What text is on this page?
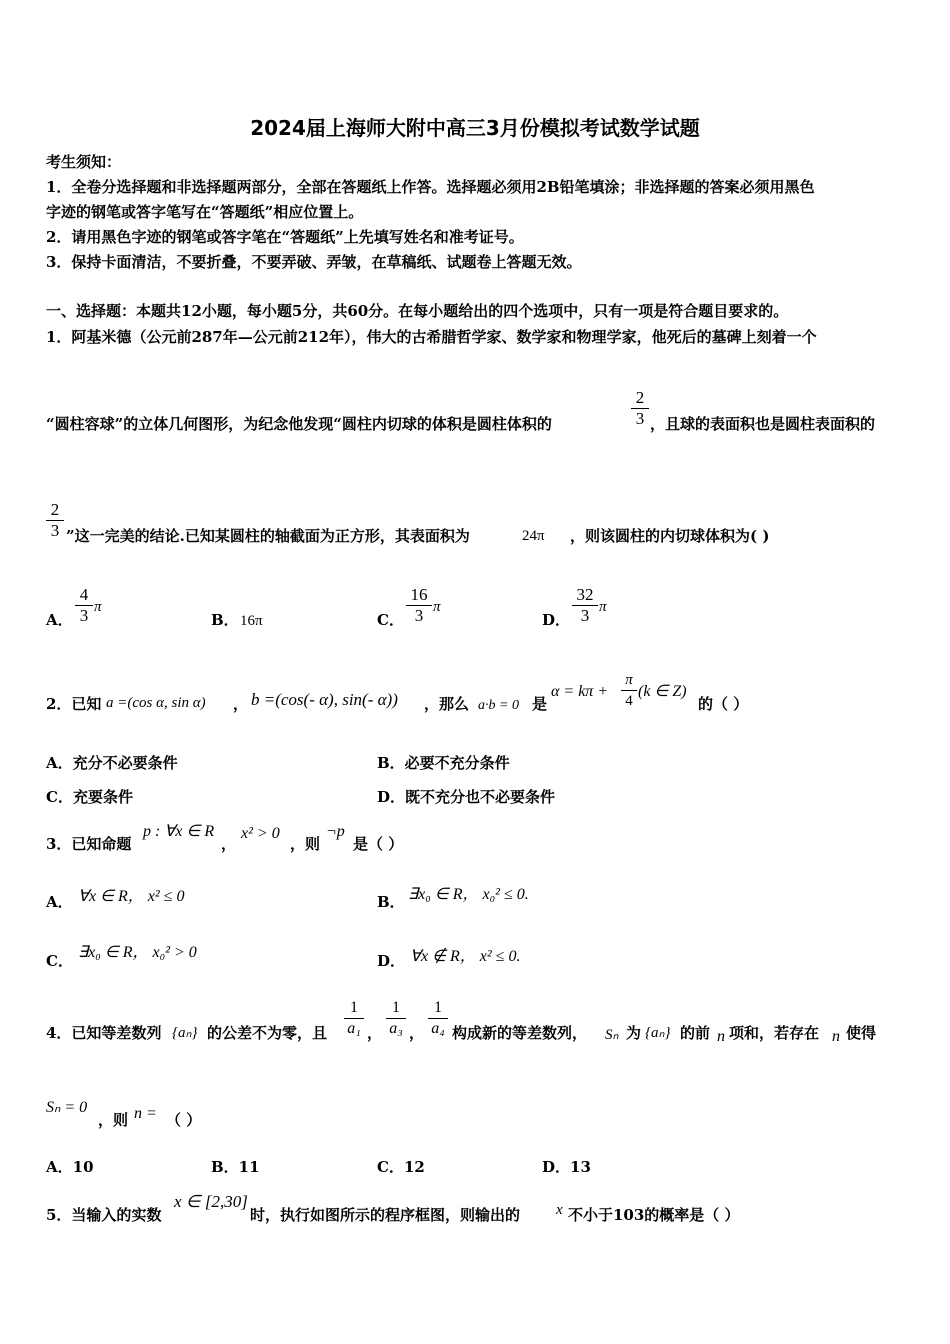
2024届上海师大附中高三3月份模拟考试数学试题
考生须知：
1．全卷分选择题和非选择题两部分，全部在答题纸上作答。选择题必须用2B铅笔填涂；非选择题的答案必须用黑色
字迹的钢笔或答字笔写在“答题纸”相应位置上。
2．请用黑色字迹的钢笔或答字笔在“答题纸”上先填写姓名和准考证号。
3．保持卡面清洁，不要折叠，不要弄破、弄皱，在草稿纸、试题卷上答题无效。
一、选择题：本题共12小题，每小题5分，共60分。在每小题给出的四个选项中，只有一项是符合题目要求的。
1．阿基米德（公元前287年—公元前212年），伟大的古希腊哲学家、数学家和物理学家，他死后的墓碑上刻着一个
“圆柱容球”的立体几何图形，为纪念他发现“圆柱内切球的体积是圆柱体积的
2
3 ，且球的表面积也是圆柱表面积的
2
3 ”这一完美的结论.已知某圆柱的轴截面为正方形，其表面积为	24π ，则该圆柱的内切球体积为( )
A．
4
3 π
B． 16π	C．
16
3 π
D．
32
3 π
2．已知 a =(cos α, sin α) ， b =(cos(- α), sin(- α)) ，那么 a·b = 0 是
α = kπ +
π
4
(k ∈ Z)
的（ ）
A．充分不必要条件	B．必要不充分条件
C．充要条件	D．既不充分也不必要条件
3．已知命题
p : ∀x ∈ R
，
x² > 0
，则
¬p
是（ ）
A． ∀x ∈ R， x² ≤ 0	B． ∃x₀ ∈ R， x₀² ≤ 0.
C． ∃x₀ ∈ R， x₀² > 0	D． ∀x ∉ R， x² ≤ 0.
4．已知等差数列 {aₙ} 的公差不为零，且
1
a₁ ，
1
a₃ ，
1
a₄ 构成新的等差数列， Sₙ 为 {aₙ} 的前 n 项和，若存在 n 使得
Sₙ = 0
，则 n = （ ）
A．10	B．11	C．12	D．13
5．当输入的实数
x ∈ [2,30]
时，执行如图所示的程序框图，则输出的 x 不小于103的概率是（ ）
